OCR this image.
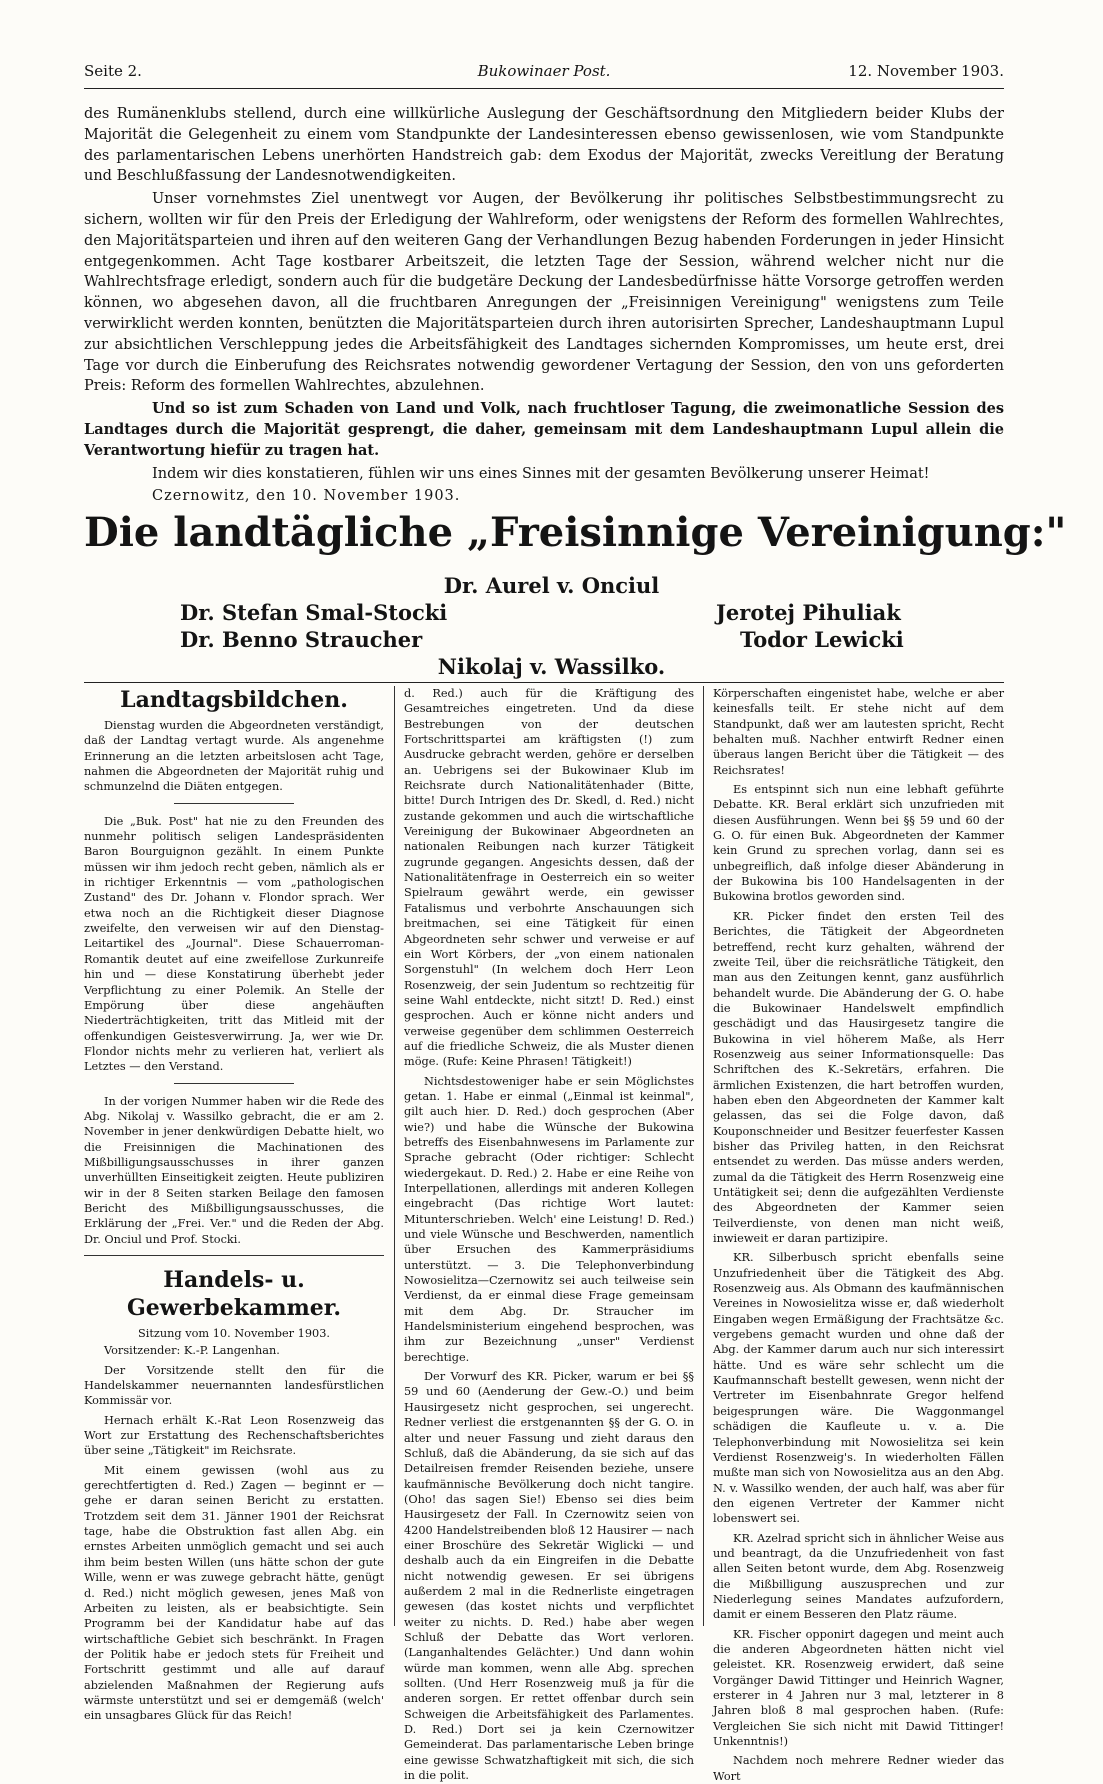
Seite 2.	Bukowinaer Post.	12. November 1903.

des Rumänenklubs stellend, durch eine willkürliche Auslegung der Geschäftsordnung den Mitgliedern beider Klubs der Majorität die Gelegenheit zu einem vom Standpunkte der Landesinteressen ebenso gewissenlosen, wie vom Standpunkte des parlamentarischen Lebens unerhörten Handstreich gab: dem Exodus der Majorität, zwecks Vereitlung der Beratung und Beschlußfassung der Landesnotwendigkeiten.

Unser vornehmstes Ziel unentwegt vor Augen, der Bevölkerung ihr politisches Selbstbestimmungsrecht zu sichern, wollten wir für den Preis der Erledigung der Wahlreform, oder wenigstens der Reform des formellen Wahlrechtes, den Majoritätsparteien und ihren auf den weiteren Gang der Verhandlungen Bezug habenden Forderungen in jeder Hinsicht entgegenkommen. Acht Tage kostbarer Arbeitszeit, die letzten Tage der Session, während welcher nicht nur die Wahlrechtsfrage erledigt, sondern auch für die budgetäre Deckung der Landesbedürfnisse hätte Vorsorge getroffen werden können, wo abgesehen davon, all die fruchtbaren Anregungen der „Freisinnigen Vereinigung" wenigstens zum Teile verwirklicht werden konnten, benützten die Majoritätsparteien durch ihren autorisirten Sprecher, Landeshauptmann Lupul zur absichtlichen Verschleppung jedes die Arbeitsfähigkeit des Landtages sichernden Kompromisses, um heute erst, drei Tage vor durch die Einberufung des Reichsrates notwendig gewordener Vertagung der Session, den von uns geforderten Preis: Reform des formellen Wahlrechtes, abzulehnen.

Und so ist zum Schaden von Land und Volk, nach fruchtloser Tagung, die zweimonatliche Session des Landtages durch die Majorität gesprengt, die daher, gemeinsam mit dem Landeshauptmann Lupul allein die Verantwortung hiefür zu tragen hat.

Indem wir dies konstatieren, fühlen wir uns eines Sinnes mit der gesamten Bevölkerung unserer Heimat!

Czernowitz, den 10. November 1903.

Die landtägliche „Freisinnige Vereinigung:"
Dr. Aurel v. Onciul
Dr. Stefan Smal-Stocki
Dr. Benno Straucher
Jerotej Pihuliak
Todor Lewicki
Nikolaj v. Wassilko.
Landtagsbildchen.

Dienstag wurden die Abgeordneten verständigt, daß der Landtag vertagt wurde. Als angenehme Erinnerung an die letzten arbeitslosen acht Tage, nahmen die Abgeordneten der Majorität ruhig und schmunzelnd die Diäten entgegen.

Die „Buk. Post" hat nie zu den Freunden des nunmehr politisch seligen Landespräsidenten Baron Bourguignon gezählt. In einem Punkte müssen wir ihm jedoch recht geben, nämlich als er in richtiger Erkenntnis — vom „pathologischen Zustand" des Dr. Johann v. Flondor sprach. Wer etwa noch an die Richtigkeit dieser Diagnose zweifelte, den verweisen wir auf den Dienstag-Leitartikel des „Journal". Diese Schauerroman-Romantik deutet auf eine zweifellose Zurkunreife hin und — diese Konstatirung überhebt jeder Verpflichtung zu einer Polemik. An Stelle der Empörung über diese angehäuften Niederträchtigkeiten, tritt das Mitleid mit der offenkundigen Geistesverwirrung. Ja, wer wie Dr. Flondor nichts mehr zu verlieren hat, verliert als Letztes — den Verstand.

In der vorigen Nummer haben wir die Rede des Abg. Nikolaj v. Wassilko gebracht, die er am 2. November in jener denkwürdigen Debatte hielt, wo die Freisinnigen die Machinationen des Mißbilligungsausschusses in ihrer ganzen unverhüllten Einseitigkeit zeigten. Heute publiziren wir in der 8 Seiten starken Beilage den famosen Bericht des Mißbilligungsausschusses, die Erklärung der „Frei. Ver." und die Reden der Abg. Dr. Onciul und Prof. Stocki.

Handels- u. Gewerbekammer.

Sitzung vom 10. November 1903.

Vorsitzender: K.-P. Langenhan.

Der Vorsitzende stellt den für die Handelskammer neuernannten landesfürstlichen Kommissär vor.

Hernach erhält K.-Rat Leon Rosenzweig das Wort zur Erstattung des Rechenschaftsberichtes über seine „Tätigkeit" im Reichsrate.

Mit einem gewissen (wohl aus zu gerechtfertigten d. Red.) Zagen — beginnt er — gehe er daran seinen Bericht zu erstatten. Trotzdem seit dem 31. Jänner 1901 der Reichsrat tage, habe die Obstruktion fast allen Abg. ein ernstes Arbeiten unmöglich gemacht und sei auch ihm beim besten Willen (uns hätte schon der gute Wille, wenn er was zuwege gebracht hätte, genügt d. Red.) nicht möglich gewesen, jenes Maß von Arbeiten zu leisten, als er beabsichtigte. Sein Programm bei der Kandidatur habe auf das wirtschaftliche Gebiet sich beschränkt. In Fragen der Politik habe er jedoch stets für Freiheit und Fortschritt gestimmt und alle auf darauf abzielenden Maßnahmen der Regierung aufs wärmste unterstützt und sei er demgemäß (welch' ein unsagbares Glück für das Reich!

d. Red.) auch für die Kräftigung des Gesamtreiches eingetreten. Und da diese Bestrebungen von der deutschen Fortschrittspartei am kräftigsten (!) zum Ausdrucke gebracht werden, gehöre er derselben an. Uebrigens sei der Bukowinaer Klub im Reichsrate durch Nationalitätenhader (Bitte, bitte! Durch Intrigen des Dr. Skedl, d. Red.) nicht zustande gekommen und auch die wirtschaftliche Vereinigung der Bukowinaer Abgeordneten an nationalen Reibungen nach kurzer Tätigkeit zugrunde gegangen. Angesichts dessen, daß der Nationalitätenfrage in Oesterreich ein so weiter Spielraum gewährt werde, ein gewisser Fatalismus und verbohrte Anschauungen sich breitmachen, sei eine Tätigkeit für einen Abgeordneten sehr schwer und verweise er auf ein Wort Körbers, der „von einem nationalen Sorgenstuhl" (In welchem doch Herr Leon Rosenzweig, der sein Judentum so rechtzeitig für seine Wahl entdeckte, nicht sitzt! D. Red.) einst gesprochen. Auch er könne nicht anders und verweise gegenüber dem schlimmen Oesterreich auf die friedliche Schweiz, die als Muster dienen möge. (Rufe: Keine Phrasen! Tätigkeit!)

Nichtsdestoweniger habe er sein Möglichstes getan. 1. Habe er einmal („Einmal ist keinmal", gilt auch hier. D. Red.) doch gesprochen (Aber wie?) und habe die Wünsche der Bukowina betreffs des Eisenbahnwesens im Parlamente zur Sprache gebracht (Oder richtiger: Schlecht wiedergekaut. D. Red.) 2. Habe er eine Reihe von Interpellationen, allerdings mit anderen Kollegen eingebracht (Das richtige Wort lautet: Mitunterschrieben. Welch' eine Leistung! D. Red.) und viele Wünsche und Beschwerden, namentlich über Ersuchen des Kammerpräsidiums unterstützt. — 3. Die Telephonverbindung Nowosielitza—Czernowitz sei auch teilweise sein Verdienst, da er einmal diese Frage gemeinsam mit dem Abg. Dr. Straucher im Handelsministerium eingehend besprochen, was ihm zur Bezeichnung „unser" Verdienst berechtige.

Der Vorwurf des KR. Picker, warum er bei §§ 59 und 60 (Aenderung der Gew.-O.) und beim Hausirgesetz nicht gesprochen, sei ungerecht. Redner verliest die erstgenannten §§ der G. O. in alter und neuer Fassung und zieht daraus den Schluß, daß die Abänderung, da sie sich auf das Detailreisen fremder Reisenden beziehe, unsere kaufmännische Bevölkerung doch nicht tangire. (Oho! das sagen Sie!) Ebenso sei dies beim Hausirgesetz der Fall. In Czernowitz seien von 4200 Handelstreibenden bloß 12 Hausirer — nach einer Broschüre des Sekretär Wiglicki — und deshalb auch da ein Eingreifen in die Debatte nicht notwendig gewesen. Er sei übrigens außerdem 2 mal in die Rednerliste eingetragen gewesen (das kostet nichts und verpflichtet weiter zu nichts. D. Red.) habe aber wegen Schluß der Debatte das Wort verloren. (Langanhaltendes Gelächter.) Und dann wohin würde man kommen, wenn alle Abg. sprechen sollten. (Und Herr Rosenzweig muß ja für die anderen sorgen. Er rettet offenbar durch sein Schweigen die Arbeitsfähigkeit des Parlamentes. D. Red.) Dort sei ja kein Czernowitzer Gemeinderat. Das parlamentarische Leben bringe eine gewisse Schwatzhaftigkeit mit sich, die sich in die polit.

Körperschaften eingenistet habe, welche er aber keinesfalls teilt. Er stehe nicht auf dem Standpunkt, daß wer am lautesten spricht, Recht behalten muß. Nachher entwirft Redner einen überaus langen Bericht über die Tätigkeit — des Reichsrates!

Es entspinnt sich nun eine lebhaft geführte Debatte. KR. Beral erklärt sich unzufrieden mit diesen Ausführungen. Wenn bei §§ 59 und 60 der G. O. für einen Buk. Abgeordneten der Kammer kein Grund zu sprechen vorlag, dann sei es unbegreiflich, daß infolge dieser Abänderung in der Bukowina bis 100 Handelsagenten in der Bukowina brotlos geworden sind.

KR. Picker findet den ersten Teil des Berichtes, die Tätigkeit der Abgeordneten betreffend, recht kurz gehalten, während der zweite Teil, über die reichsrätliche Tätigkeit, den man aus den Zeitungen kennt, ganz ausführlich behandelt wurde. Die Abänderung der G. O. habe die Bukowinaer Handelswelt empfindlich geschädigt und das Hausirgesetz tangire die Bukowina in viel höherem Maße, als Herr Rosenzweig aus seiner Informationsquelle: Das Schriftchen des K.-Sekretärs, erfahren. Die ärmlichen Existenzen, die hart betroffen wurden, haben eben den Abgeordneten der Kammer kalt gelassen, das sei die Folge davon, daß Kouponschneider und Besitzer feuerfester Kassen bisher das Privileg hatten, in den Reichsrat entsendet zu werden. Das müsse anders werden, zumal da die Tätigkeit des Herrn Rosenzweig eine Untätigkeit sei; denn die aufgezählten Verdienste des Abgeordneten der Kammer seien Teilverdienste, von denen man nicht weiß, inwieweit er daran partizipire.

KR. Silberbusch spricht ebenfalls seine Unzufriedenheit über die Tätigkeit des Abg. Rosenzweig aus. Als Obmann des kaufmännischen Vereines in Nowosielitza wisse er, daß wiederholt Eingaben wegen Ermäßigung der Frachtsätze &c. vergebens gemacht wurden und ohne daß der Abg. der Kammer darum auch nur sich interessirt hätte. Und es wäre sehr schlecht um die Kaufmannschaft bestellt gewesen, wenn nicht der Vertreter im Eisenbahnrate Gregor helfend beigesprungen wäre. Die Waggonmangel schädigen die Kaufleute u. v. a. Die Telephonverbindung mit Nowosielitza sei kein Verdienst Rosenzweig's. In wiederholten Fällen mußte man sich von Nowosielitza aus an den Abg. N. v. Wassilko wenden, der auch half, was aber für den eigenen Vertreter der Kammer nicht lobenswert sei.

KR. Azelrad spricht sich in ähnlicher Weise aus und beantragt, da die Unzufriedenheit von fast allen Seiten betont wurde, dem Abg. Rosenzweig die Mißbilligung auszusprechen und zur Niederlegung seines Mandates aufzufordern, damit er einem Besseren den Platz räume.

KR. Fischer opponirt dagegen und meint auch die anderen Abgeordneten hätten nicht viel geleistet. KR. Rosenzweig erwidert, daß seine Vorgänger Dawid Tittinger und Heinrich Wagner, ersterer in 4 Jahren nur 3 mal, letzterer in 8 Jahren bloß 8 mal gesprochen haben. (Rufe: Vergleichen Sie sich nicht mit Dawid Tittinger! Unkenntnis!)

Nachdem noch mehrere Redner wieder das Wort
